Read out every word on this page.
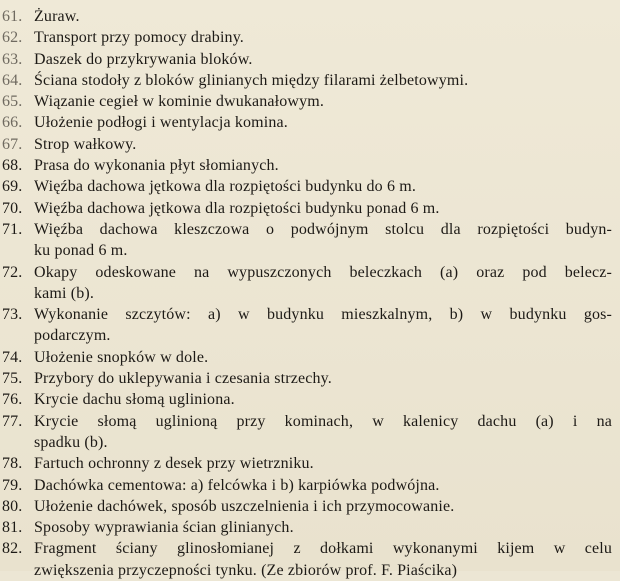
61. Żuraw.
62. Transport przy pomocy drabiny.
63. Daszek do przykrywania bloków.
64. Ściana stodoły z bloków glinianych między filarami żelbetowymi.
65. Wiązanie cegieł w kominie dwukanałowym.
66. Ułożenie podłogi i wentylacja komina.
67. Strop wałkowy.
68. Prasa do wykonania płyt słomianych.
69. Więźba dachowa jętkowa dla rozpiętości budynku do 6 m.
70. Więźba dachowa jętkowa dla rozpiętości budynku ponad 6 m.
71. Więźba dachowa kleszczowa o podwójnym stolcu dla rozpiętości budyn-
ku ponad 6 m.
72. Okapy odeskowane na wypuszczonych beleczkach (a) oraz pod belecz-
kami (b).
73. Wykonanie szczytów: a) w budynku mieszkalnym, b) w budynku gos-
podarczym.
74. Ułożenie snopków w dole.
75. Przybory do uklepywania i czesania strzechy.
76. Krycie dachu słomą ugliniona.
77. Krycie słomą uglinioną przy kominach, w kalenicy dachu (a) i na
spadku (b).
78. Fartuch ochronny z desek przy wietrzniku.
79. Dachówka cementowa: a) felcówka i b) karpiówka podwójna.
80. Ułożenie dachówek, sposób uszczelnienia i ich przymocowanie.
81. Sposoby wyprawiania ścian glinianych.
82. Fragment ściany glinosłomianej z dołkami wykonanymi kijem w celu
zwiększenia przyczepności tynku. (Ze zbiorów prof. F. Piaścika)
